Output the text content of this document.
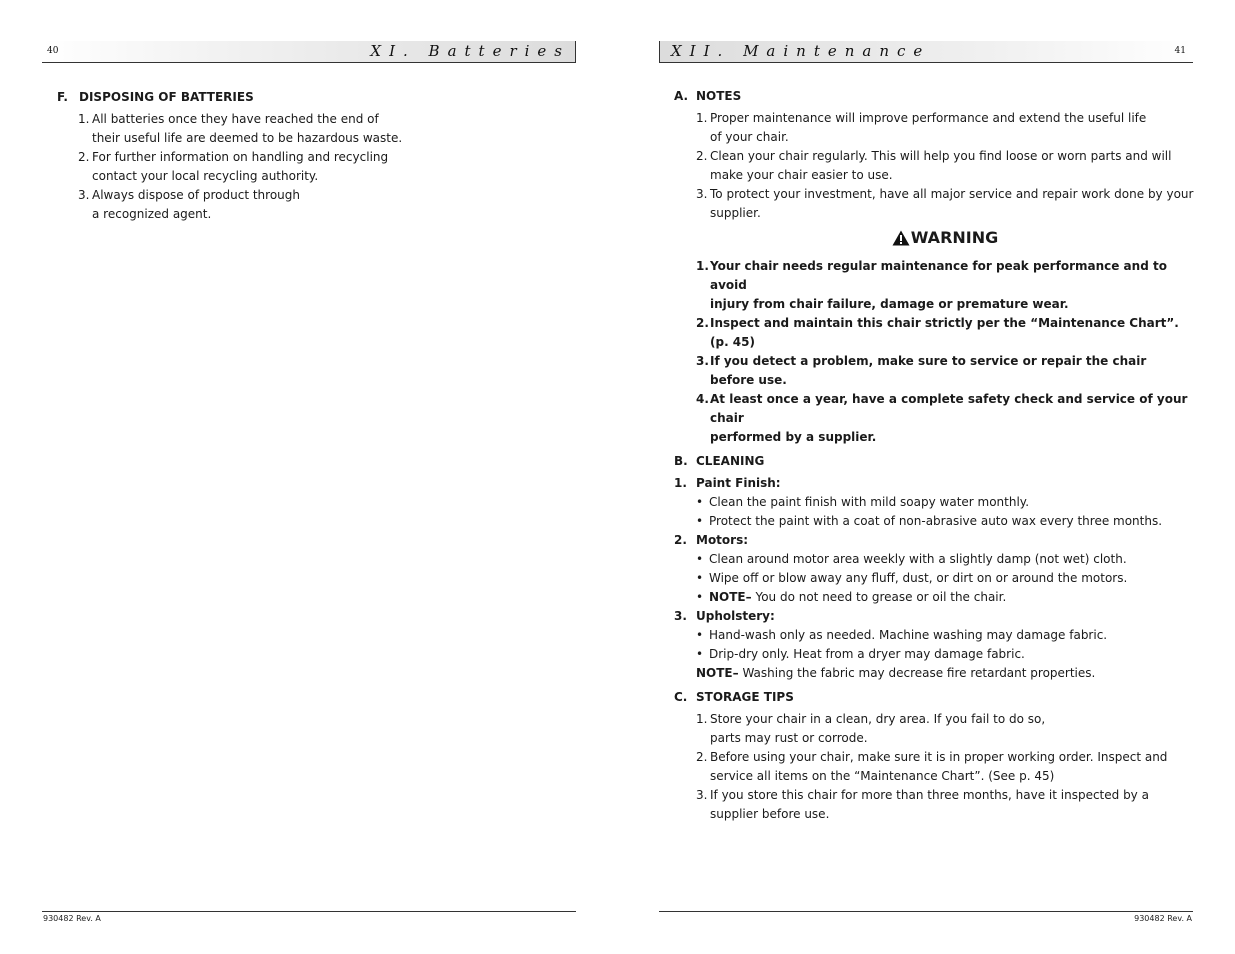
40	XI. Batteries
F. DISPOSING OF BATTERIES
1. All batteries once they have reached the end of
their useful life are deemed to be hazardous waste.
2. For further information on handling and recycling
contact your local recycling authority.
3. Always dispose of product through
a recognized agent.
930482 Rev. A
XII. Maintenance	41
A. NOTES
1. Proper maintenance will improve performance and extend the useful life
of your chair.
2. Clean your chair regularly. This will help you find loose or worn parts and will
make your chair easier to use.
3. To protect your investment, have all major service and repair work done by your
supplier.
WARNING
1. Your chair needs regular maintenance for peak performance and to avoid
injury from chair failure, damage or premature wear.
2. Inspect and maintain this chair strictly per the “Maintenance Chart”. (p. 45)
3. If you detect a problem, make sure to service or repair the chair before use.
4. At least once a year, have a complete safety check and service of your chair
performed by a supplier.
B. CLEANING
1. Paint Finish:
• Clean the paint finish with mild soapy water monthly.
• Protect the paint with a coat of non-abrasive auto wax every three months.
2. Motors:
• Clean around motor area weekly with a slightly damp (not wet) cloth.
• Wipe off or blow away any fluff, dust, or dirt on or around the motors.
• NOTE– You do not need to grease or oil the chair.
3. Upholstery:
• Hand-wash only as needed. Machine washing may damage fabric.
• Drip-dry only. Heat from a dryer may damage fabric.
NOTE– Washing the fabric may decrease fire retardant properties.
C. STORAGE TIPS
1. Store your chair in a clean, dry area. If you fail to do so,
parts may rust or corrode.
2. Before using your chair, make sure it is in proper working order. Inspect and
service all items on the “Maintenance Chart”. (See p. 45)
3. If you store this chair for more than three months, have it inspected by a
supplier before use.
930482 Rev. A
